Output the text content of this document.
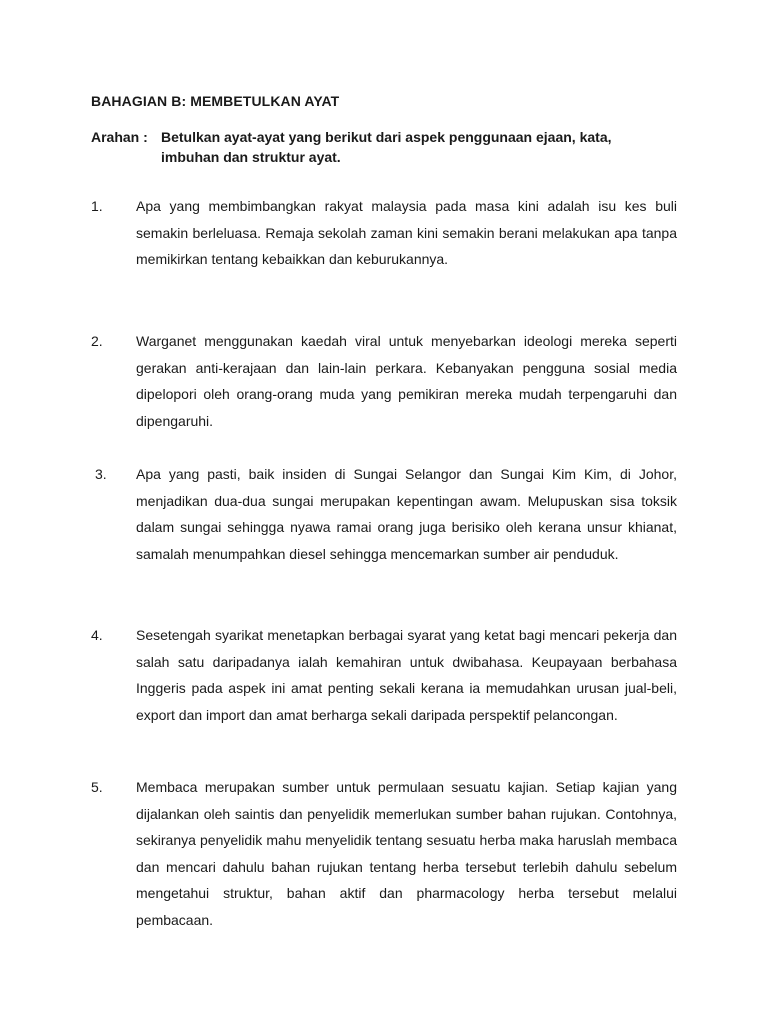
BAHAGIAN B: MEMBETULKAN AYAT
Arahan : Betulkan ayat-ayat yang berikut dari aspek penggunaan ejaan, kata,
imbuhan dan struktur ayat.
1.	Apa yang membimbangkan rakyat malaysia pada masa kini adalah isu kes buli semakin berleluasa. Remaja sekolah zaman kini semakin berani melakukan apa tanpa memikirkan tentang kebaikkan dan keburukannya.
2.	Warganet menggunakan kaedah viral untuk menyebarkan ideologi mereka seperti gerakan anti-kerajaan dan lain-lain perkara. Kebanyakan pengguna sosial media dipelopori oleh orang-orang muda yang pemikiran mereka mudah terpengaruhi dan dipengaruhi.
3.	Apa yang pasti, baik insiden di Sungai Selangor dan Sungai Kim Kim, di Johor, menjadikan dua-dua sungai merupakan kepentingan awam. Melupuskan sisa toksik dalam sungai sehingga nyawa ramai orang juga berisiko oleh kerana unsur khianat, samalah menumpahkan diesel sehingga mencemarkan sumber air penduduk.
4.	Sesetengah syarikat menetapkan berbagai syarat yang ketat bagi mencari pekerja dan salah satu daripadanya ialah kemahiran untuk dwibahasa. Keupayaan berbahasa Inggeris pada aspek ini amat penting sekali kerana ia memudahkan urusan jual-beli, export dan import dan amat berharga sekali daripada perspektif pelancongan.
5.	Membaca merupakan sumber untuk permulaan sesuatu kajian. Setiap kajian yang dijalankan oleh saintis dan penyelidik memerlukan sumber bahan rujukan. Contohnya, sekiranya penyelidik mahu menyelidik tentang sesuatu herba maka haruslah membaca dan mencari dahulu bahan rujukan tentang herba tersebut terlebih dahulu sebelum mengetahui struktur, bahan aktif dan pharmacology herba tersebut melalui pembacaan.
